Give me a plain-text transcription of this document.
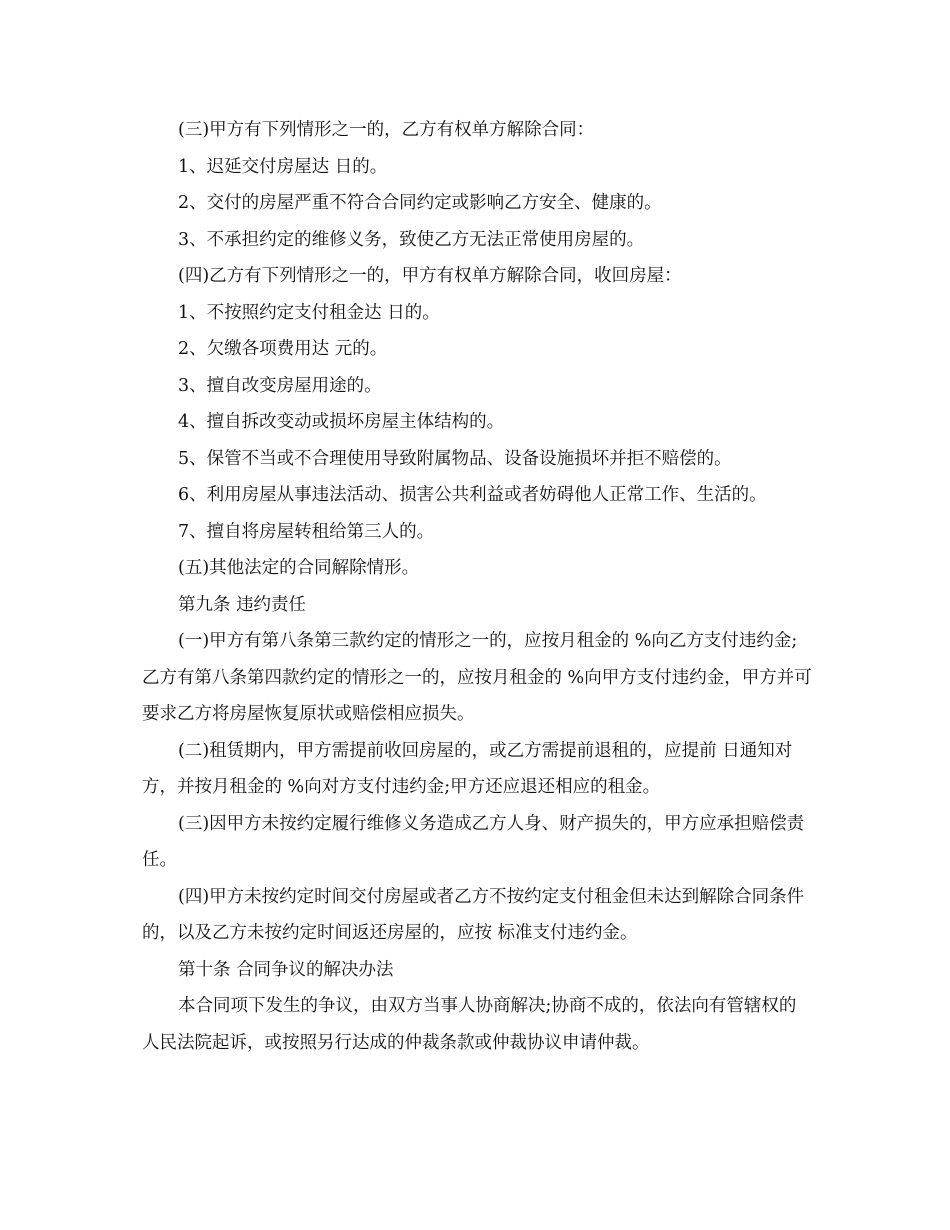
(三)甲方有下列情形之一的，乙方有权单方解除合同：

1、迟延交付房屋达 日的。

2、交付的房屋严重不符合合同约定或影响乙方安全、健康的。

3、不承担约定的维修义务，致使乙方无法正常使用房屋的。

(四)乙方有下列情形之一的，甲方有权单方解除合同，收回房屋：

1、不按照约定支付租金达 日的。

2、欠缴各项费用达 元的。

3、擅自改变房屋用途的。

4、擅自拆改变动或损坏房屋主体结构的。

5、保管不当或不合理使用导致附属物品、设备设施损坏并拒不赔偿的。

6、利用房屋从事违法活动、损害公共利益或者妨碍他人正常工作、生活的。

7、擅自将房屋转租给第三人的。

(五)其他法定的合同解除情形。

第九条 违约责任

(一)甲方有第八条第三款约定的情形之一的，应按月租金的 %向乙方支付违约金;乙方有第八条第四款约定的情形之一的，应按月租金的 %向甲方支付违约金，甲方并可要求乙方将房屋恢复原状或赔偿相应损失。

(二)租赁期内，甲方需提前收回房屋的，或乙方需提前退租的，应提前 日通知对方，并按月租金的 %向对方支付违约金;甲方还应退还相应的租金。

(三)因甲方未按约定履行维修义务造成乙方人身、财产损失的，甲方应承担赔偿责任。

(四)甲方未按约定时间交付房屋或者乙方不按约定支付租金但未达到解除合同条件的，以及乙方未按约定时间返还房屋的，应按 标准支付违约金。

第十条 合同争议的解决办法

本合同项下发生的争议，由双方当事人协商解决;协商不成的，依法向有管辖权的人民法院起诉，或按照另行达成的仲裁条款或仲裁协议申请仲裁。
